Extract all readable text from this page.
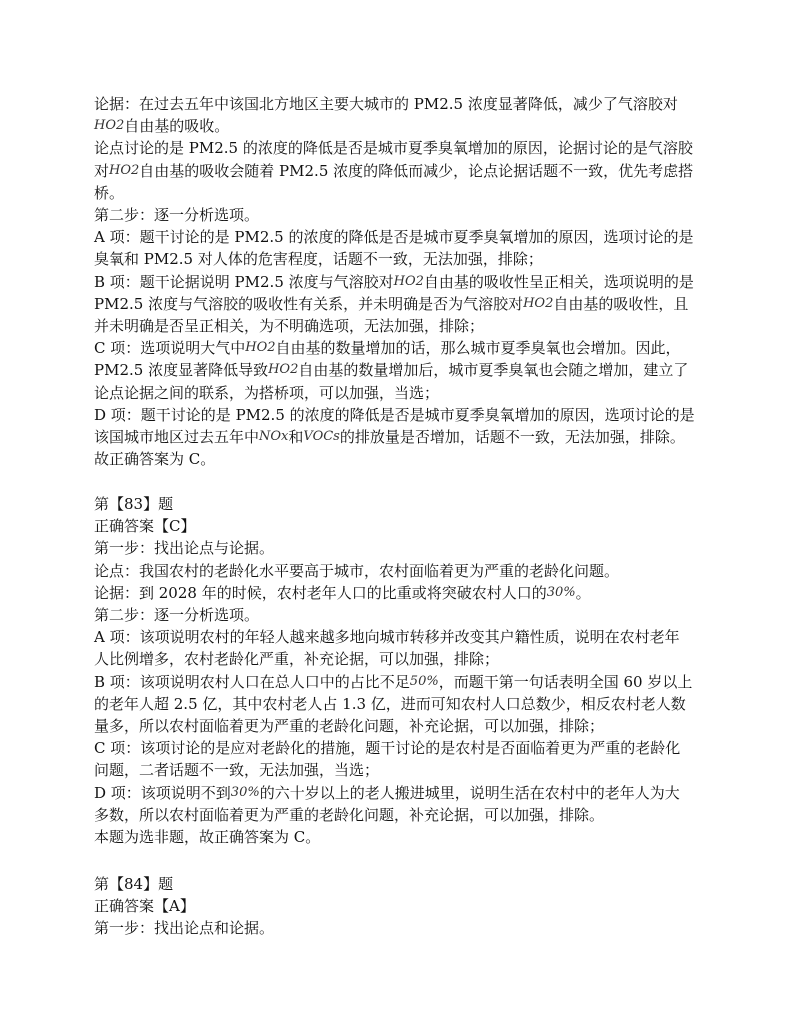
论据：在过去五年中该国北方地区主要大城市的 PM2.5 浓度显著降低，减少了气溶胶对
HO2自由基的吸收。
论点讨论的是 PM2.5 的浓度的降低是否是城市夏季臭氧增加的原因，论据讨论的是气溶胶
对HO2自由基的吸收会随着 PM2.5 浓度的降低而减少，论点论据话题不一致，优先考虑搭
桥。
第二步：逐一分析选项。
A 项：题干讨论的是 PM2.5 的浓度的降低是否是城市夏季臭氧增加的原因，选项讨论的是
臭氧和 PM2.5 对人体的危害程度，话题不一致，无法加强，排除；
B 项：题干论据说明 PM2.5 浓度与气溶胶对HO2自由基的吸收性呈正相关，选项说明的是
PM2.5 浓度与气溶胶的吸收性有关系，并未明确是否为气溶胶对HO2自由基的吸收性，且
并未明确是否呈正相关，为不明确选项，无法加强，排除；
C 项：选项说明大气中HO2自由基的数量增加的话，那么城市夏季臭氧也会增加。因此，
PM2.5 浓度显著降低导致HO2自由基的数量增加后，城市夏季臭氧也会随之增加，建立了
论点论据之间的联系，为搭桥项，可以加强，当选；
D 项：题干讨论的是 PM2.5 的浓度的降低是否是城市夏季臭氧增加的原因，选项讨论的是
该国城市地区过去五年中NOx和VOCs的排放量是否增加，话题不一致，无法加强，排除。
故正确答案为 C。
第【83】题
正确答案【C】
第一步：找出论点与论据。
论点：我国农村的老龄化水平要高于城市，农村面临着更为严重的老龄化问题。
论据：到 2028 年的时候，农村老年人口的比重或将突破农村人口的30%。
第二步：逐一分析选项。
A 项：该项说明农村的年轻人越来越多地向城市转移并改变其户籍性质，说明在农村老年
人比例增多，农村老龄化严重，补充论据，可以加强，排除；
B 项：该项说明农村人口在总人口中的占比不足50%，而题干第一句话表明全国 60 岁以上
的老年人超 2.5 亿，其中农村老人占 1.3 亿，进而可知农村人口总数少，相反农村老人数
量多，所以农村面临着更为严重的老龄化问题，补充论据，可以加强，排除；
C 项：该项讨论的是应对老龄化的措施，题干讨论的是农村是否面临着更为严重的老龄化
问题，二者话题不一致，无法加强，当选；
D 项：该项说明不到30%的六十岁以上的老人搬进城里，说明生活在农村中的老年人为大
多数，所以农村面临着更为严重的老龄化问题，补充论据，可以加强，排除。
本题为选非题，故正确答案为 C。
第【84】题
正确答案【A】
第一步：找出论点和论据。
